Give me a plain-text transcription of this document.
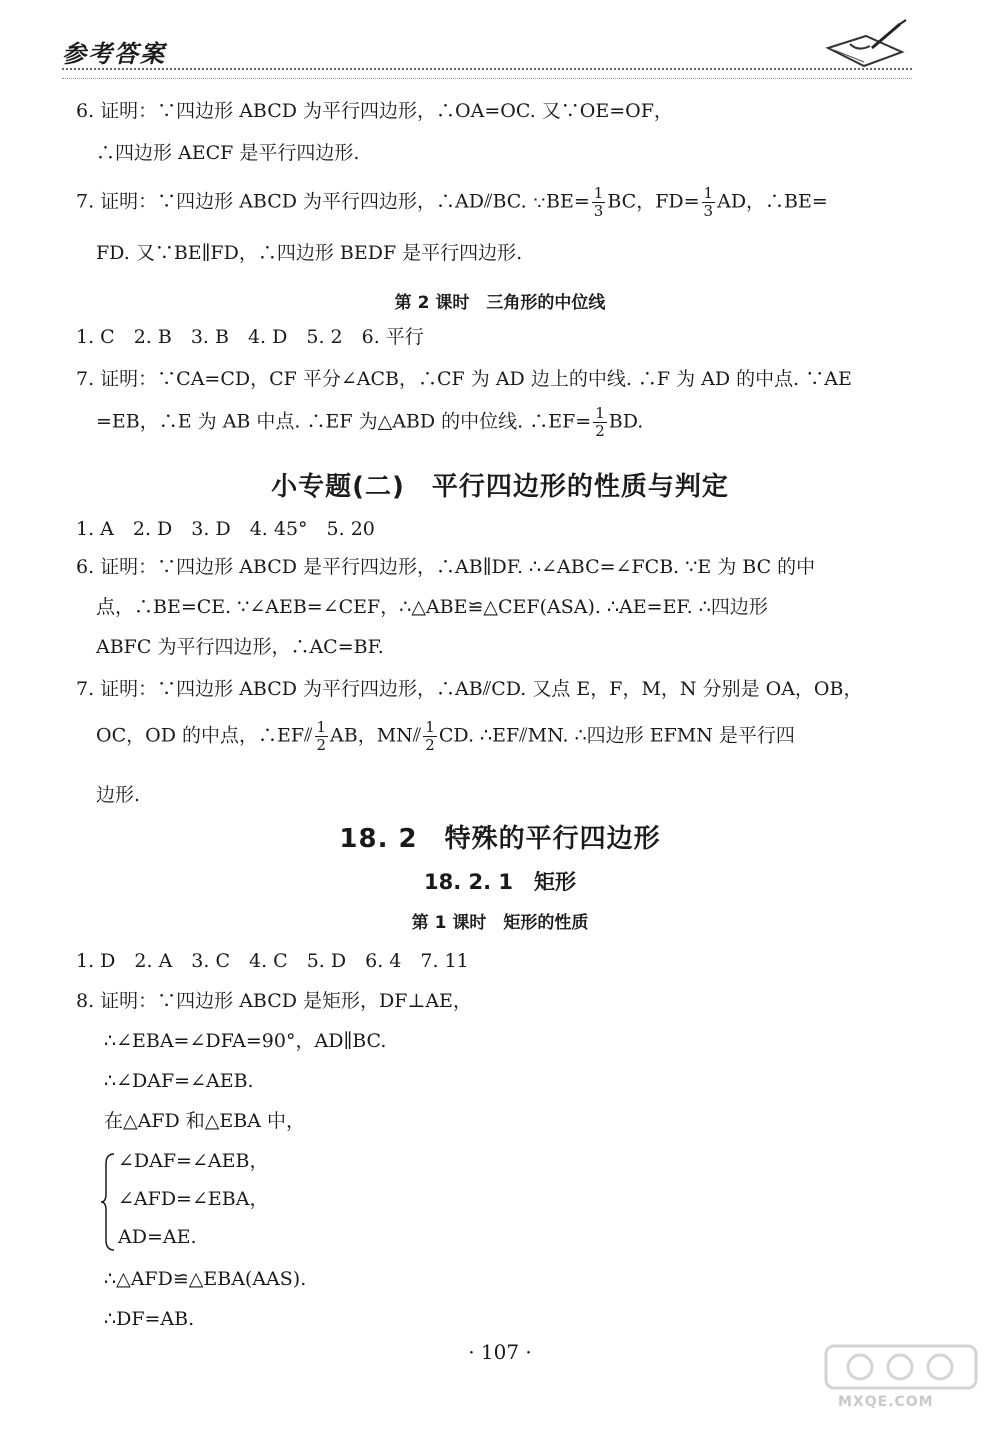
参考答案
6. 证明：∵四边形 ABCD 为平行四边形，∴OA=OC. 又∵OE=OF，
∴四边形 AECF 是平行四边形.
7. 证明：∵四边形 ABCD 为平行四边形，∴AD⫽BC. ∵BE= $\frac{1}{3}$ BC，$FD= \frac{1}{3}$ AD，∴BE=
FD. 又∵BE∥FD，∴四边形 BEDF 是平行四边形.
第 2 课时　三角形的中位线
1. C　2. B　3. B　4. D　5. 2　6. 平行
7. 证明：∵CA=CD，CF 平分∠ACB，∴CF 为 AD 边上的中线. ∴F 为 AD 的中点. ∵AE
=EB，∴E 为 AB 中点. ∴EF 为△ABD 的中位线. ∴EF= $\frac{1}{2}$ BD.
小专题(二)　平行四边形的性质与判定
1. A　2. D　3. D　4. 45°　5. 20
6. 证明：∵四边形 ABCD 是平行四边形，∴AB∥DF. ∴∠ABC=∠FCB. ∵E 为 BC 的中
点，∴BE=CE. ∵∠AEB=∠CEF，∴△ABE≌△CEF(ASA). ∴AE=EF. ∴四边形
ABFC 为平行四边形，∴AC=BF.
7. 证明：∵四边形 ABCD 为平行四边形，∴AB⫽CD. 又点 E，F，M，N 分别是 OA，OB，
OC，OD 的中点，∴EF⫽ $\frac{1}{2}$ AB，MN⫽ $\frac{1}{2}$ CD. ∴EF⫽MN. ∴四边形 EFMN 是平行四
边形.
18. 2　特殊的平行四边形
18. 2. 1　矩形
第 1 课时　矩形的性质
1. D　2. A　3. C　4. C　5. D　6. 4　7. 11
8. 证明：∵四边形 ABCD 是矩形，DF⊥AE，
∴∠EBA=∠DFA=90°，AD∥BC.
∴∠DAF=∠AEB.
在△AFD 和△EBA 中，
∠DAF=∠AEB，
∠AFD=∠EBA，
AD=AE.
∴△AFD≌△EBA(AAS).
∴DF=AB.
· 107 ·
MXQE.COM
